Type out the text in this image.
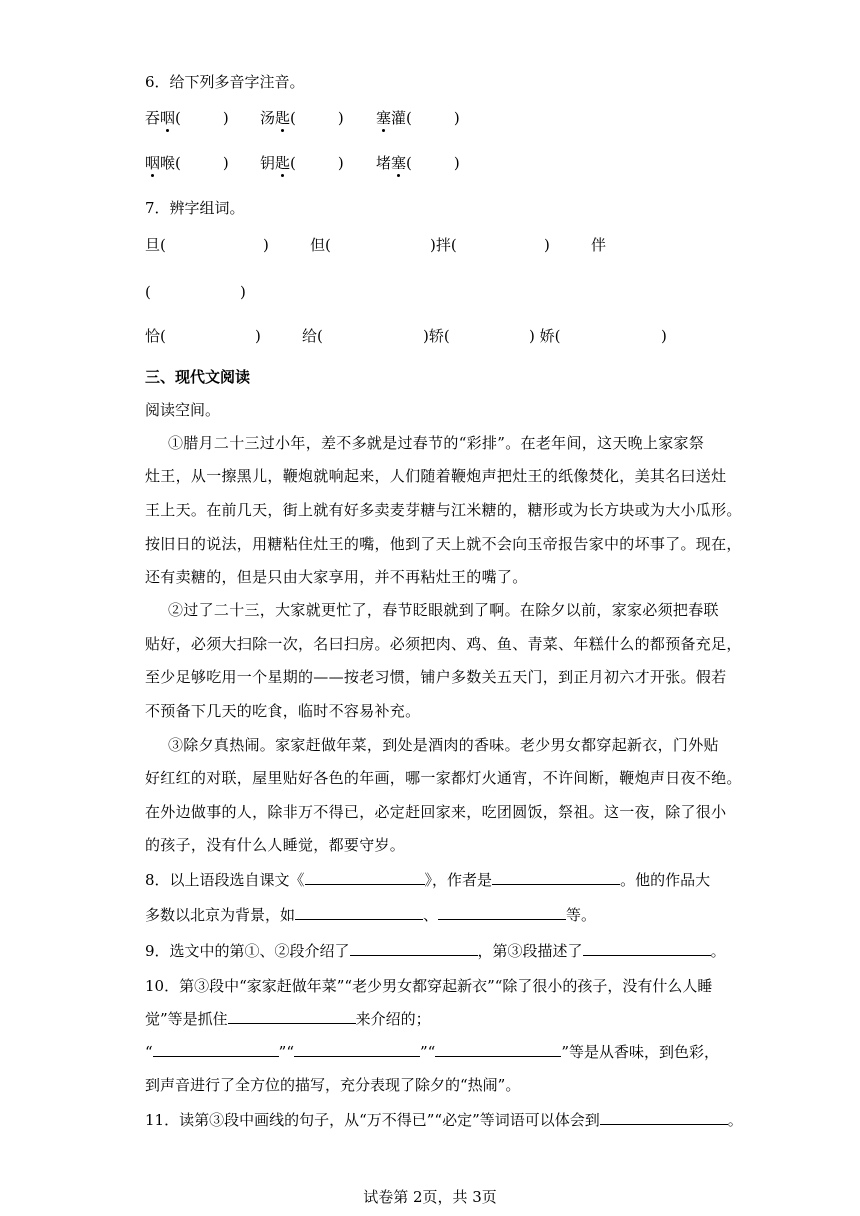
6．给下列多音字注音。
吞咽(	) 汤匙(	) 塞灌(	)
咽喉(	) 钥匙(	) 堵塞(	)
7．辨字组词。
旦(	)	但(	)拌(	)	伴
(	)
恰(	)	给(	)轿(	) 娇(	)
三、现代文阅读
阅读空间。
①腊月二十三过小年，差不多就是过春节的“彩排”。在老年间，这天晚上家家祭
灶王，从一擦黑儿，鞭炮就响起来，人们随着鞭炮声把灶王的纸像焚化，美其名曰送灶
王上天。在前几天，街上就有好多卖麦芽糖与江米糖的，糖形或为长方块或为大小瓜形。
按旧日的说法，用糖粘住灶王的嘴，他到了天上就不会向玉帝报告家中的坏事了。现在，
还有卖糖的，但是只由大家享用，并不再粘灶王的嘴了。
②过了二十三，大家就更忙了，春节眨眼就到了啊。在除夕以前，家家必须把春联
贴好，必须大扫除一次，名曰扫房。必须把肉、鸡、鱼、青菜、年糕什么的都预备充足，
至少足够吃用一个星期的——按老习惯，铺户多数关五天门，到正月初六才开张。假若
不预备下几天的吃食，临时不容易补充。
③除夕真热闹。家家赶做年菜，到处是酒肉的香味。老少男女都穿起新衣，门外贴
好红红的对联，屋里贴好各色的年画，哪一家都灯火通宵，不许间断，鞭炮声日夜不绝。
在外边做事的人，除非万不得已，必定赶回家来，吃团圆饭，祭祖。这一夜，除了很小
的孩子，没有什么人睡觉，都要守岁。
8．以上语段选自课文《	》，作者是	。他的作品大
多数以北京为背景，如	、	等。
9．选文中的第①、②段介绍了	，第③段描述了	。
10．第③段中“家家赶做年菜”“老少男女都穿起新衣”“除了很小的孩子，没有什么人睡
觉”等是抓住	来介绍的；
“	”“	”“	”等是从香味，到色彩，
到声音进行了全方位的描写，充分表现了除夕的“热闹”。
11．读第③段中画线的句子，从“万不得已”“必定”等词语可以体会到	。
试卷第 2页，共 3页
